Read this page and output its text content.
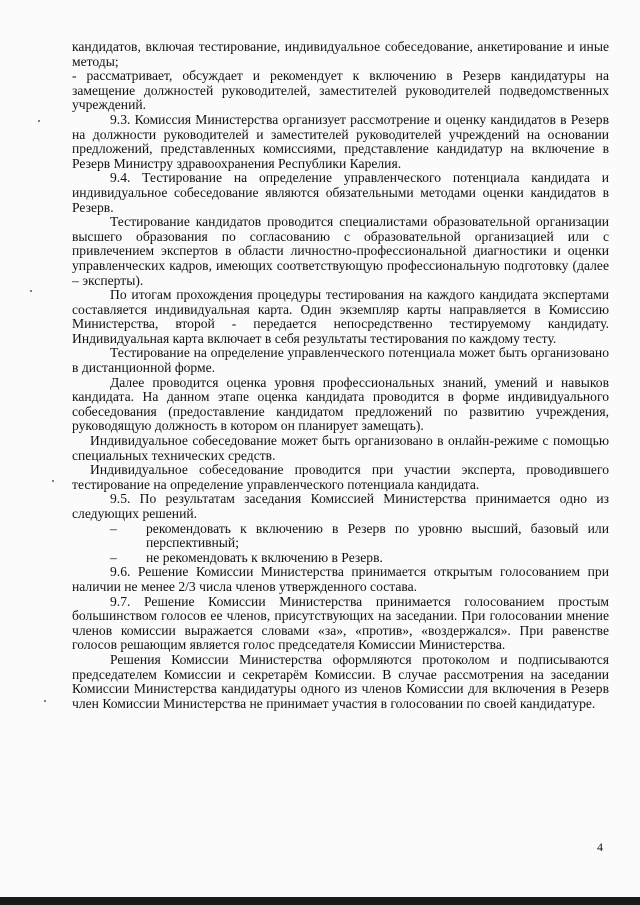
кандидатов, включая тестирование, индивидуальное собеседование, анкетирование и иные методы;

- рассматривает, обсуждает и рекомендует к включению в Резерв кандидатуры на замещение должностей руководителей, заместителей руководителей подведомственных учреждений.

9.3. Комиссия Министерства организует рассмотрение и оценку кандидатов в Резерв на должности руководителей и заместителей руководителей учреждений на основании предложений, представленных комиссиями, представление кандидатур на включение в Резерв Министру здравоохранения Республики Карелия.

9.4. Тестирование на определение управленческого потенциала кандидата и индивидуальное собеседование являются обязательными методами оценки кандидатов в Резерв.

Тестирование кандидатов проводится специалистами образовательной организации высшего образования по согласованию с образовательной организацией или с привлечением экспертов в области личностно-профессиональной диагностики и оценки управленческих кадров, имеющих соответствующую профессиональную подготовку (далее – эксперты).

По итогам прохождения процедуры тестирования на каждого кандидата экспертами составляется индивидуальная карта. Один экземпляр карты направляется в Комиссию Министерства, второй - передается непосредственно тестируемому кандидату. Индивидуальная карта включает в себя результаты тестирования по каждому тесту.

Тестирование на определение управленческого потенциала может быть организовано в дистанционной форме.

Далее проводится оценка уровня профессиональных знаний, умений и навыков кандидата. На данном этапе оценка кандидата проводится в форме индивидуального собеседования (предоставление кандидатом предложений по развитию учреждения, руководящую должность в котором он планирует замещать).

Индивидуальное собеседование может быть организовано в онлайн-режиме с помощью специальных технических средств.

Индивидуальное собеседование проводится при участии эксперта, проводившего тестирование на определение управленческого потенциала кандидата.

9.5. По результатам заседания Комиссией Министерства принимается одно из следующих решений.

–	рекомендовать к включению в Резерв по уровню высший, базовый или перспективный;
–	не рекомендовать к включению в Резерв.

9.6. Решение Комиссии Министерства принимается открытым голосованием при наличии не менее 2/3 числа членов утвержденного состава.

9.7. Решение Комиссии Министерства принимается голосованием простым большинством голосов ее членов, присутствующих на заседании. При голосовании мнение членов комиссии выражается словами «за», «против», «воздержался». При равенстве голосов решающим является голос председателя Комиссии Министерства.

Решения Комиссии Министерства оформляются протоколом и подписываются председателем Комиссии и секретарём Комиссии. В случае рассмотрения на заседании Комиссии Министерства кандидатуры одного из членов Комиссии для включения в Резерв член Комиссии Министерства не принимает участия в голосовании по своей кандидатуре.

4
